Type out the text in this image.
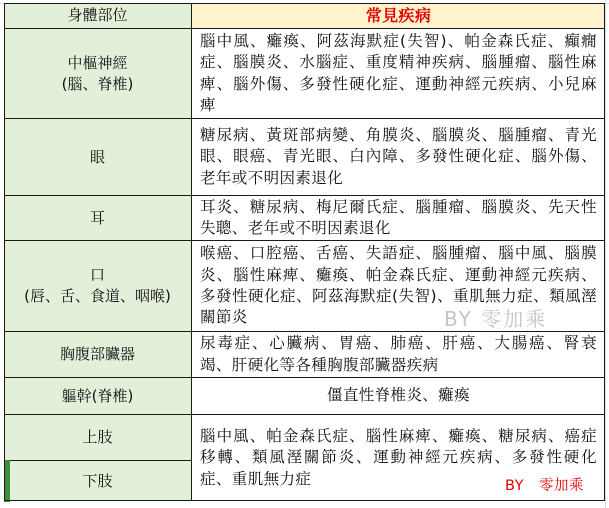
身體部位	常見疾病
中樞神經
(腦、脊椎)
腦中風、癱瘓、阿茲海默症(失智)、帕金森氏症、癲癇症、腦膜炎、水腦症、重度精神疾病、腦腫瘤、腦性麻痺、腦外傷、多發性硬化症、運動神經元疾病、小兒麻痺
眼
糖尿病、黃斑部病變、角膜炎、腦膜炎、腦腫瘤、青光眼、眼癌、青光眼、白內障、多發性硬化症、腦外傷、老年或不明因素退化
耳
耳炎、糖尿病、梅尼爾氏症、腦腫瘤、腦膜炎、先天性失聰、老年或不明因素退化
口
(唇、舌、食道、咽喉)
喉癌、口腔癌、舌癌、失語症、腦腫瘤、腦中風、腦膜炎、腦性麻痺、癱瘓、帕金森氏症、運動神經元疾病、多發性硬化症、阿茲海默症(失智)、重肌無力症、類風溼關節炎
胸腹部臟器
尿毒症、心臟病、胃癌、肺癌、肝癌、大腸癌、腎衰竭、肝硬化等各種胸腹部臟器疾病
軀幹(脊椎)	僵直性脊椎炎、癱瘓
上肢
下肢
腦中風、帕金森氏症、腦性麻痺、癱瘓、糖尿病、癌症移轉、類風溼關節炎、運動神經元疾病、多發性硬化症、重肌無力症
BY 零加乘
BY　零加乘
